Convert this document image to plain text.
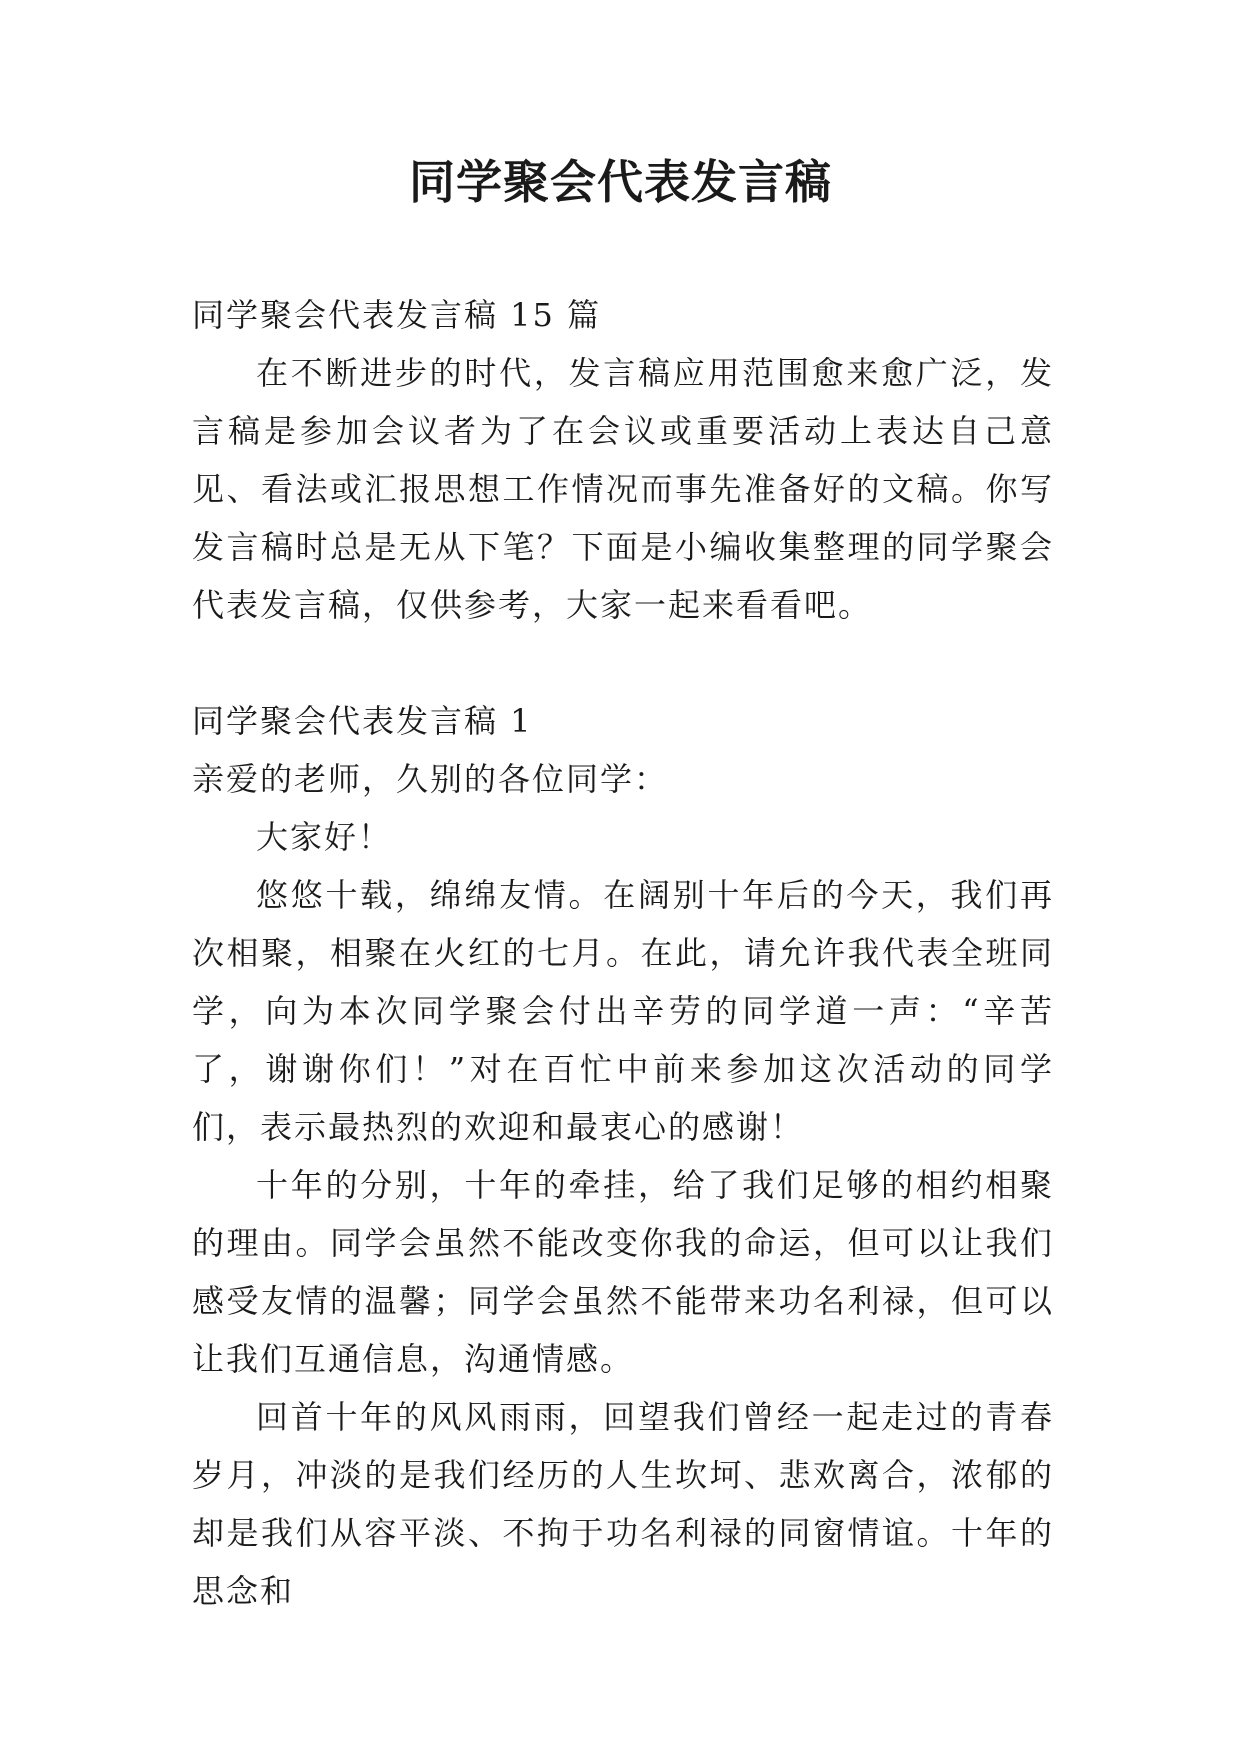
同学聚会代表发言稿

同学聚会代表发言稿 15 篇

在不断进步的时代，发言稿应用范围愈来愈广泛，发言稿是参加会议者为了在会议或重要活动上表达自己意见、看法或汇报思想工作情况而事先准备好的文稿。你写发言稿时总是无从下笔？下面是小编收集整理的同学聚会代表发言稿，仅供参考，大家一起来看看吧。

同学聚会代表发言稿 1

亲爱的老师，久别的各位同学：

大家好！

悠悠十载，绵绵友情。在阔别十年后的今天，我们再次相聚，相聚在火红的七月。在此，请允许我代表全班同学，向为本次同学聚会付出辛劳的同学道一声：“辛苦了，谢谢你们！”对在百忙中前来参加这次活动的同学们，表示最热烈的欢迎和最衷心的感谢！

十年的分别，十年的牵挂，给了我们足够的相约相聚的理由。同学会虽然不能改变你我的命运，但可以让我们感受友情的温馨；同学会虽然不能带来功名利禄，但可以让我们互通信息，沟通情感。

回首十年的风风雨雨，回望我们曾经一起走过的青春岁月，冲淡的是我们经历的人生坎坷、悲欢离合，浓郁的却是我们从容平淡、不拘于功名利禄的同窗情谊。十年的思念和
